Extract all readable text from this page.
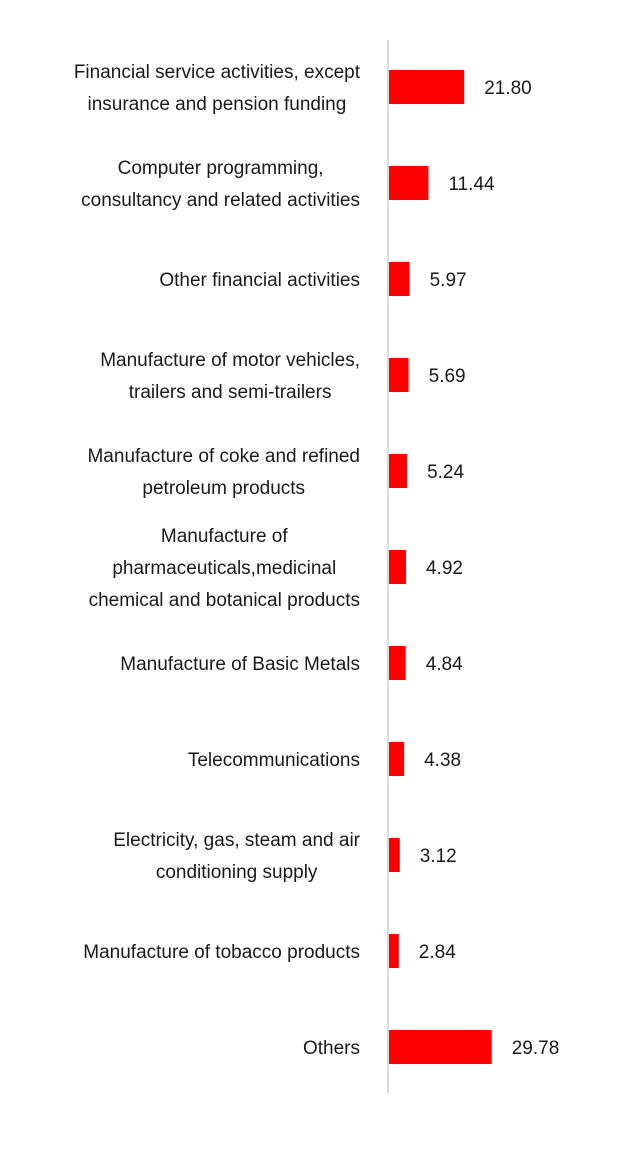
21.80
Financial service activities, except insurance and pension funding
11.44
Computer programming, consultancy and related activities
5.97
Other financial activities
5.69
Manufacture of motor vehicles, trailers and semi-trailers
5.24
Manufacture of coke and refined petroleum products
4.92
Manufacture of pharmaceuticals,medicinal chemical and botanical products
4.84
Manufacture of Basic Metals
4.38
Telecommunications
3.12
Electricity, gas, steam and air conditioning supply
2.84
Manufacture of tobacco products
29.78
Others
